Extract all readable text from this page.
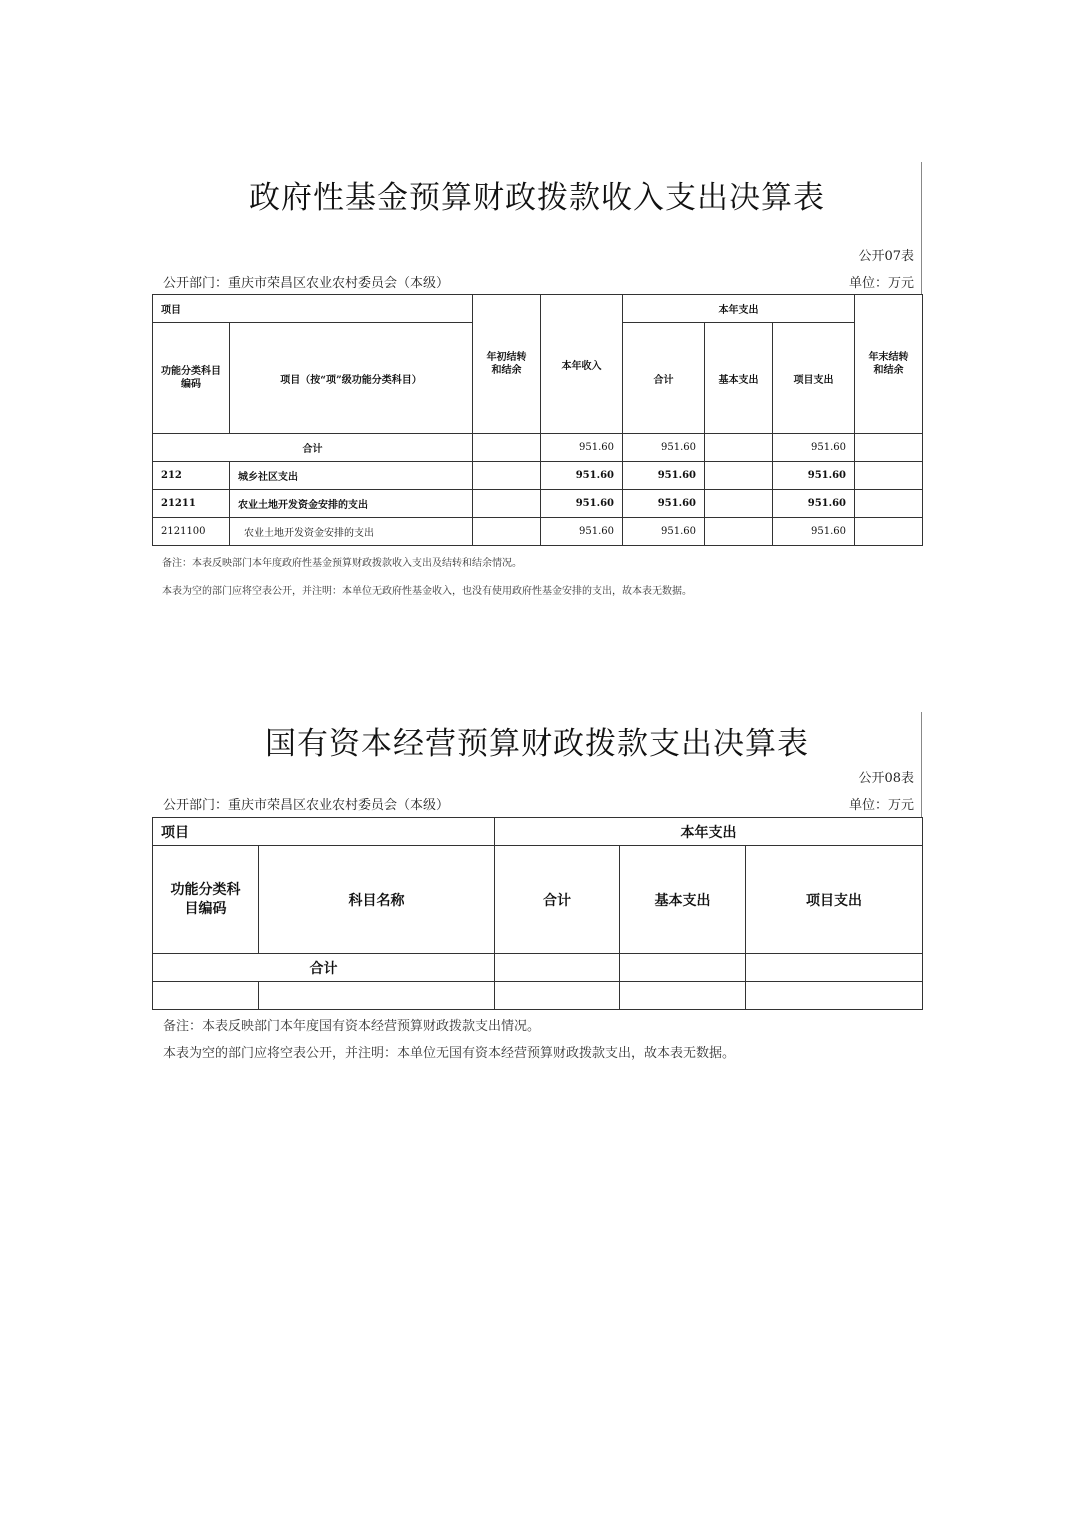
政府性基金预算财政拨款收入支出决算表
公开07表
公开部门：重庆市荣昌区农业农村委员会（本级）	单位：万元
项目		年初结转和结余	本年收入	本年支出			年末结转和结余
功能分类科目编码	项目（按“项”级功能分类科目）			合计	基本支出	项目支出	
合计			951.60	951.60		951.60	
212	城乡社区支出		951.60	951.60		951.60	
21211	农业土地开发资金安排的支出		951.60	951.60		951.60	
2121100	农业土地开发资金安排的支出		951.60	951.60		951.60	
备注：本表反映部门本年度政府性基金预算财政拨款收入支出及结转和结余情况。
本表为空的部门应将空表公开，并注明：本单位无政府性基金收入，也没有使用政府性基金安排的支出，故本表无数据。
国有资本经营预算财政拨款支出决算表
公开08表
公开部门：重庆市荣昌区农业农村委员会（本级）	单位：万元
项目		本年支出		
功能分类科目编码	科目名称	合计	基本支出	项目支出
合计				

备注：本表反映部门本年度国有资本经营预算财政拨款支出情况。
本表为空的部门应将空表公开，并注明：本单位无国有资本经营预算财政拨款支出，故本表无数据。
